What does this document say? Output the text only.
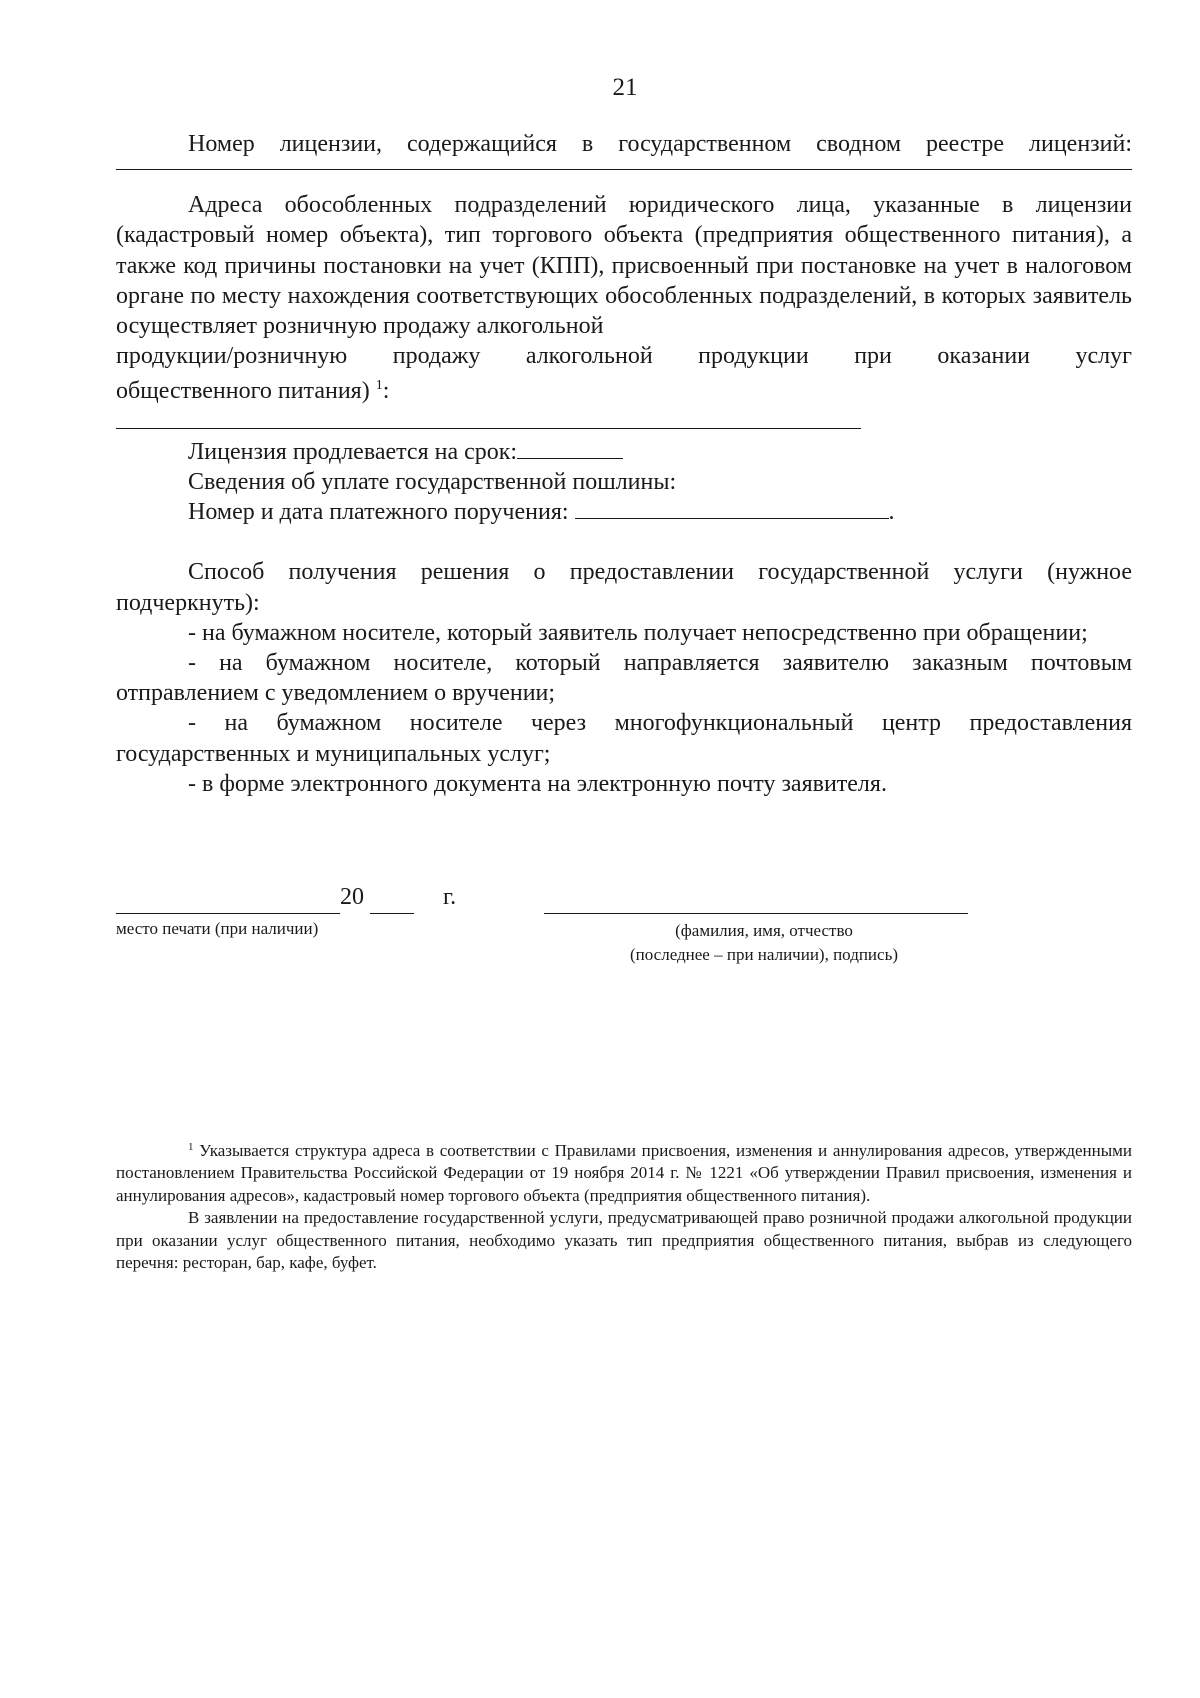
21

Номер лицензии, содержащийся в государственном сводном реестре лицензий:

Адреса обособленных подразделений юридического лица, указанные в лицензии (кадастровый номер объекта), тип торгового объекта (предприятия общественного питания), а также код причины постановки на учет (КПП), присвоенный при постановке на учет в налоговом органе по месту нахождения соответствующих обособленных подразделений, в которых заявитель осуществляет розничную продажу алкогольной
продукции/розничную продажу алкогольной продукции при оказании услуг

общественного питания) $^1$:

Лицензия продлевается на срок:

Сведения об уплате государственной пошлины:

Номер и дата платежного поручения:	.

Способ получения решения о предоставлении государственной услуги (нужное подчеркнуть):

- на бумажном носителе, который заявитель получает непосредственно при обращении;

- на бумажном носителе, который направляется заявителю заказным почтовым отправлением с уведомлением о вручении;

- на бумажном носителе через многофункциональный центр предоставления государственных и муниципальных услуг;

- в форме электронного документа на электронную почту заявителя.

20	г.
место печати (при наличии)	(фамилия, имя, отчество
(последнее – при наличии), подпись)

$^1$ Указывается структура адреса в соответствии с Правилами присвоения, изменения и аннулирования адресов, утвержденными постановлением Правительства Российской Федерации от 19 ноября 2014 г. № 1221 «Об утверждении Правил присвоения, изменения и аннулирования адресов», кадастровый номер торгового объекта (предприятия общественного питания).

В заявлении на предоставление государственной услуги, предусматривающей право розничной продажи алкогольной продукции при оказании услуг общественного питания, необходимо указать тип предприятия общественного питания, выбрав из следующего перечня: ресторан, бар, кафе, буфет.
